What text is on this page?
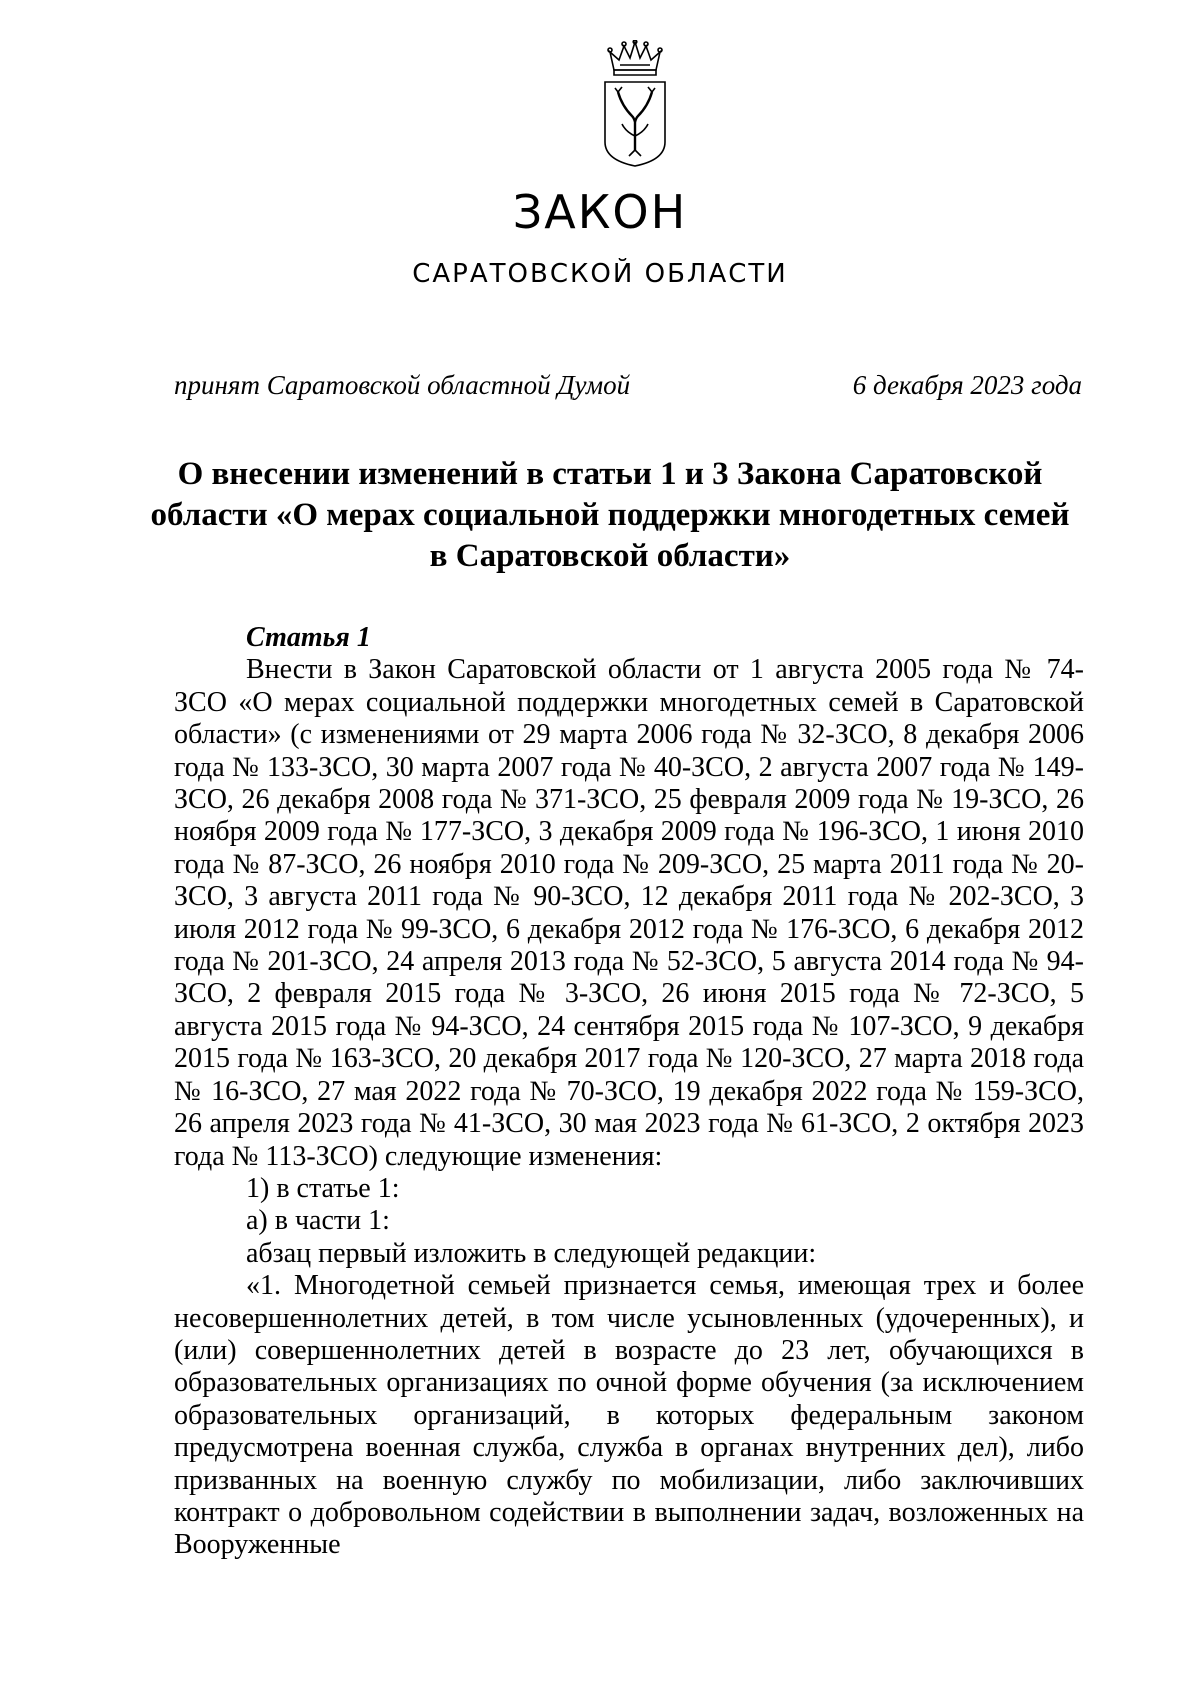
ЗАКОН
САРАТОВСКОЙ ОБЛАСТИ
принят Саратовской областной Думой	6 декабря 2023 года
О внесении изменений в статьи 1 и 3 Закона Саратовской области «О мерах социальной поддержки многодетных семей в Саратовской области»

Статья 1

Внести в Закон Саратовской области от 1 августа 2005 года № 74-ЗСО «О мерах социальной поддержки многодетных семей в Саратовской области» (с изменениями от 29 марта 2006 года № 32-ЗСО, 8 декабря 2006 года № 133-ЗСО, 30 марта 2007 года № 40-ЗСО, 2 августа 2007 года № 149-ЗСО, 26 декабря 2008 года № 371-ЗСО, 25 февраля 2009 года № 19-ЗСО, 26 ноября 2009 года № 177-ЗСО, 3 декабря 2009 года № 196-ЗСО, 1 июня 2010 года № 87-ЗСО, 26 ноября 2010 года № 209-ЗСО, 25 марта 2011 года № 20-ЗСО, 3 августа 2011 года № 90-ЗСО, 12 декабря 2011 года № 202-ЗСО, 3 июля 2012 года № 99-ЗСО, 6 декабря 2012 года № 176-ЗСО, 6 декабря 2012 года № 201-ЗСО, 24 апреля 2013 года № 52-ЗСО, 5 августа 2014 года № 94-ЗСО, 2 февраля 2015 года № 3-ЗСО, 26 июня 2015 года № 72-ЗСО, 5 августа 2015 года № 94-ЗСО, 24 сентября 2015 года № 107-ЗСО, 9 декабря 2015 года № 163-ЗСО, 20 декабря 2017 года № 120-ЗСО, 27 марта 2018 года № 16-ЗСО, 27 мая 2022 года № 70-ЗСО, 19 декабря 2022 года № 159-ЗСО, 26 апреля 2023 года № 41-ЗСО, 30 мая 2023 года № 61-ЗСО, 2 октября 2023 года № 113-ЗСО) следующие изменения:

1) в статье 1:

а) в части 1:

абзац первый изложить в следующей редакции:

«1. Многодетной семьей признается семья, имеющая трех и более несовершеннолетних детей, в том числе усыновленных (удочеренных), и (или) совершеннолетних детей в возрасте до 23 лет, обучающихся в образовательных организациях по очной форме обучения (за исключением образовательных организаций, в которых федеральным законом предусмотрена военная служба, служба в органах внутренних дел), либо призванных на военную службу по мобилизации, либо заключивших контракт о добровольном содействии в выполнении задач, возложенных на Вооруженные
